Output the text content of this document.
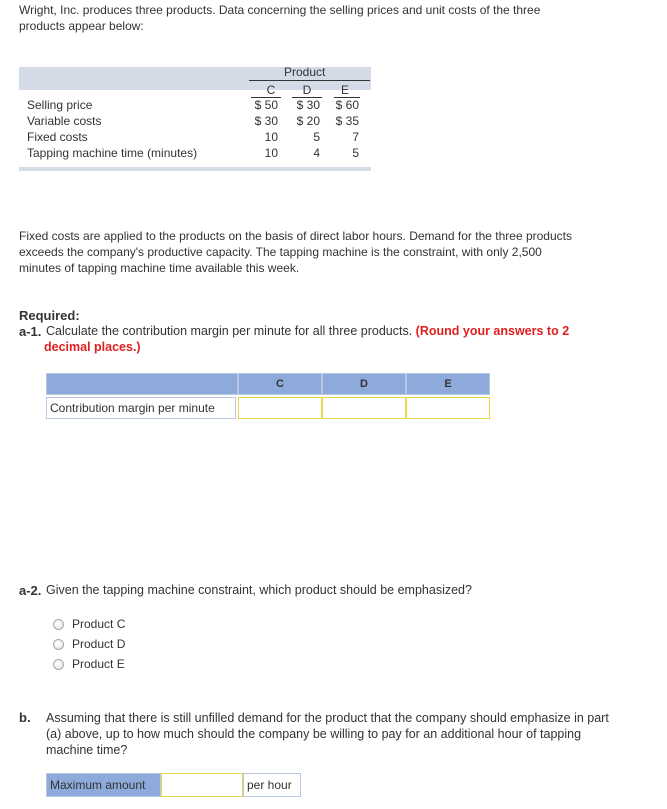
Wright, Inc. produces three products. Data concerning the selling prices and unit costs of the three
products appear below:
Product
C D E
Selling price	$ 50	$ 30	$ 60
Variable costs	$ 30	$ 20	$ 35
Fixed costs	10	5	7
Tapping machine time (minutes)	10	4	5
Fixed costs are applied to the products on the basis of direct labor hours. Demand for the three products
exceeds the company's productive capacity. The tapping machine is the constraint, with only 2,500
minutes of tapping machine time available this week.
Required:
a-1. Calculate the contribution margin per minute for all three products. (Round your answers to 2
decimal places.)
C	D	E
Contribution margin per minute
a-2. Given the tapping machine constraint, which product should be emphasized?
Product C
Product D
Product E
b. Assuming that there is still unfilled demand for the product that the company should emphasize in part
(a) above, up to how much should the company be willing to pay for an additional hour of tapping
machine time?
Maximum amount	per hour
